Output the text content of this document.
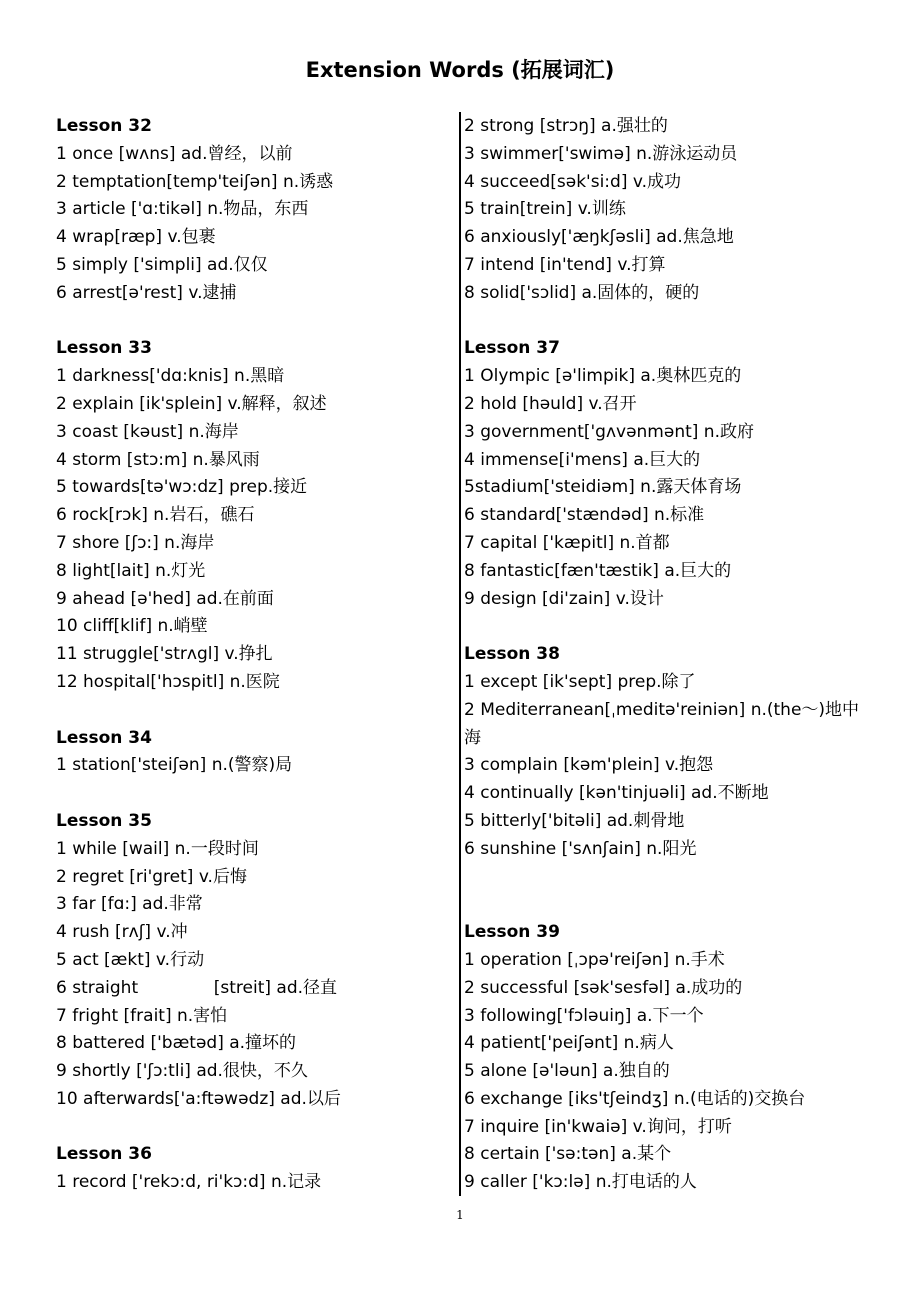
Extension Words (拓展词汇)
Lesson 32

1 once [wʌns] ad.曾经，以前

2 temptation[temp'teiʃən] n.诱惑

3 article ['ɑ:tikəl] n.物品，东西

4 wrap[ræp] v.包裹

5 simply ['simpli] ad.仅仅

6 arrest[ə'rest] v.逮捕

Lesson 33

1 darkness['dɑ:knis] n.黑暗

2 explain [ik'splein] v.解释，叙述

3 coast [kəust] n.海岸

4 storm [stɔ:m] n.暴风雨

5 towards[tə'wɔ:dz] prep.接近

6 rock[rɔk] n.岩石，礁石

7 shore [ʃɔ:] n.海岸

8 light[lait] n.灯光

9 ahead [ə'hed] ad.在前面

10 cliff[klif] n.峭壁

11 struggle['strʌgl] v.挣扎

12 hospital['hɔspitl] n.医院

Lesson 34

1 station['steiʃən] n.(警察)局

Lesson 35

1 while [wail] n.一段时间

2 regret [ri'gret] v.后悔

3 far [fɑ:] ad.非常

4 rush [rʌʃ] v.冲

5 act [ækt] v.行动

6 straight              [streit] ad.径直

7 fright [frait] n.害怕

8 battered ['bætəd] a.撞坏的

9 shortly ['ʃɔ:tli] ad.很快，不久

10 afterwards['a:ftəwədz] ad.以后

Lesson 36

1 record ['rekɔ:d, ri'kɔ:d] n.记录

2 strong [strɔŋ] a.强壮的

3 swimmer['swimə] n.游泳运动员

4 succeed[sək'si:d] v.成功

5 train[trein] v.训练

6 anxiously['æŋkʃəsli] ad.焦急地

7 intend [in'tend] v.打算

8 solid['sɔlid] a.固体的，硬的

Lesson 37

1 Olympic [ə'limpik] a.奥林匹克的

2 hold [həuld] v.召开

3 government['gʌvənmənt] n.政府

4 immense[i'mens] a.巨大的

5stadium['steidiəm] n.露天体育场

6 standard['stændəd] n.标准

7 capital ['kæpitl] n.首都

8 fantastic[fæn'tæstik] a.巨大的

9 design [di'zain] v.设计

Lesson 38

1 except [ik'sept] prep.除了

2 Mediterranean[ˌmeditə'reiniən] n.(the～)地中海

3 complain [kəm'plein] v.抱怨

4 continually [kən'tinjuəli] ad.不断地

5 bitterly['bitəli] ad.刺骨地

6 sunshine ['sʌnʃain] n.阳光

Lesson 39

1 operation [ˌɔpə'reiʃən] n.手术

2 successful [sək'sesfəl] a.成功的

3 following['fɔləuiŋ] a.下一个

4 patient['peiʃənt] n.病人

5 alone [ə'ləun] a.独自的

6 exchange [iks'tʃeindʒ] n.(电话的)交换台

7 inquire [in'kwaiə] v.询问，打听

8 certain ['sə:tən] a.某个

9 caller ['kɔ:lə] n.打电话的人

1
